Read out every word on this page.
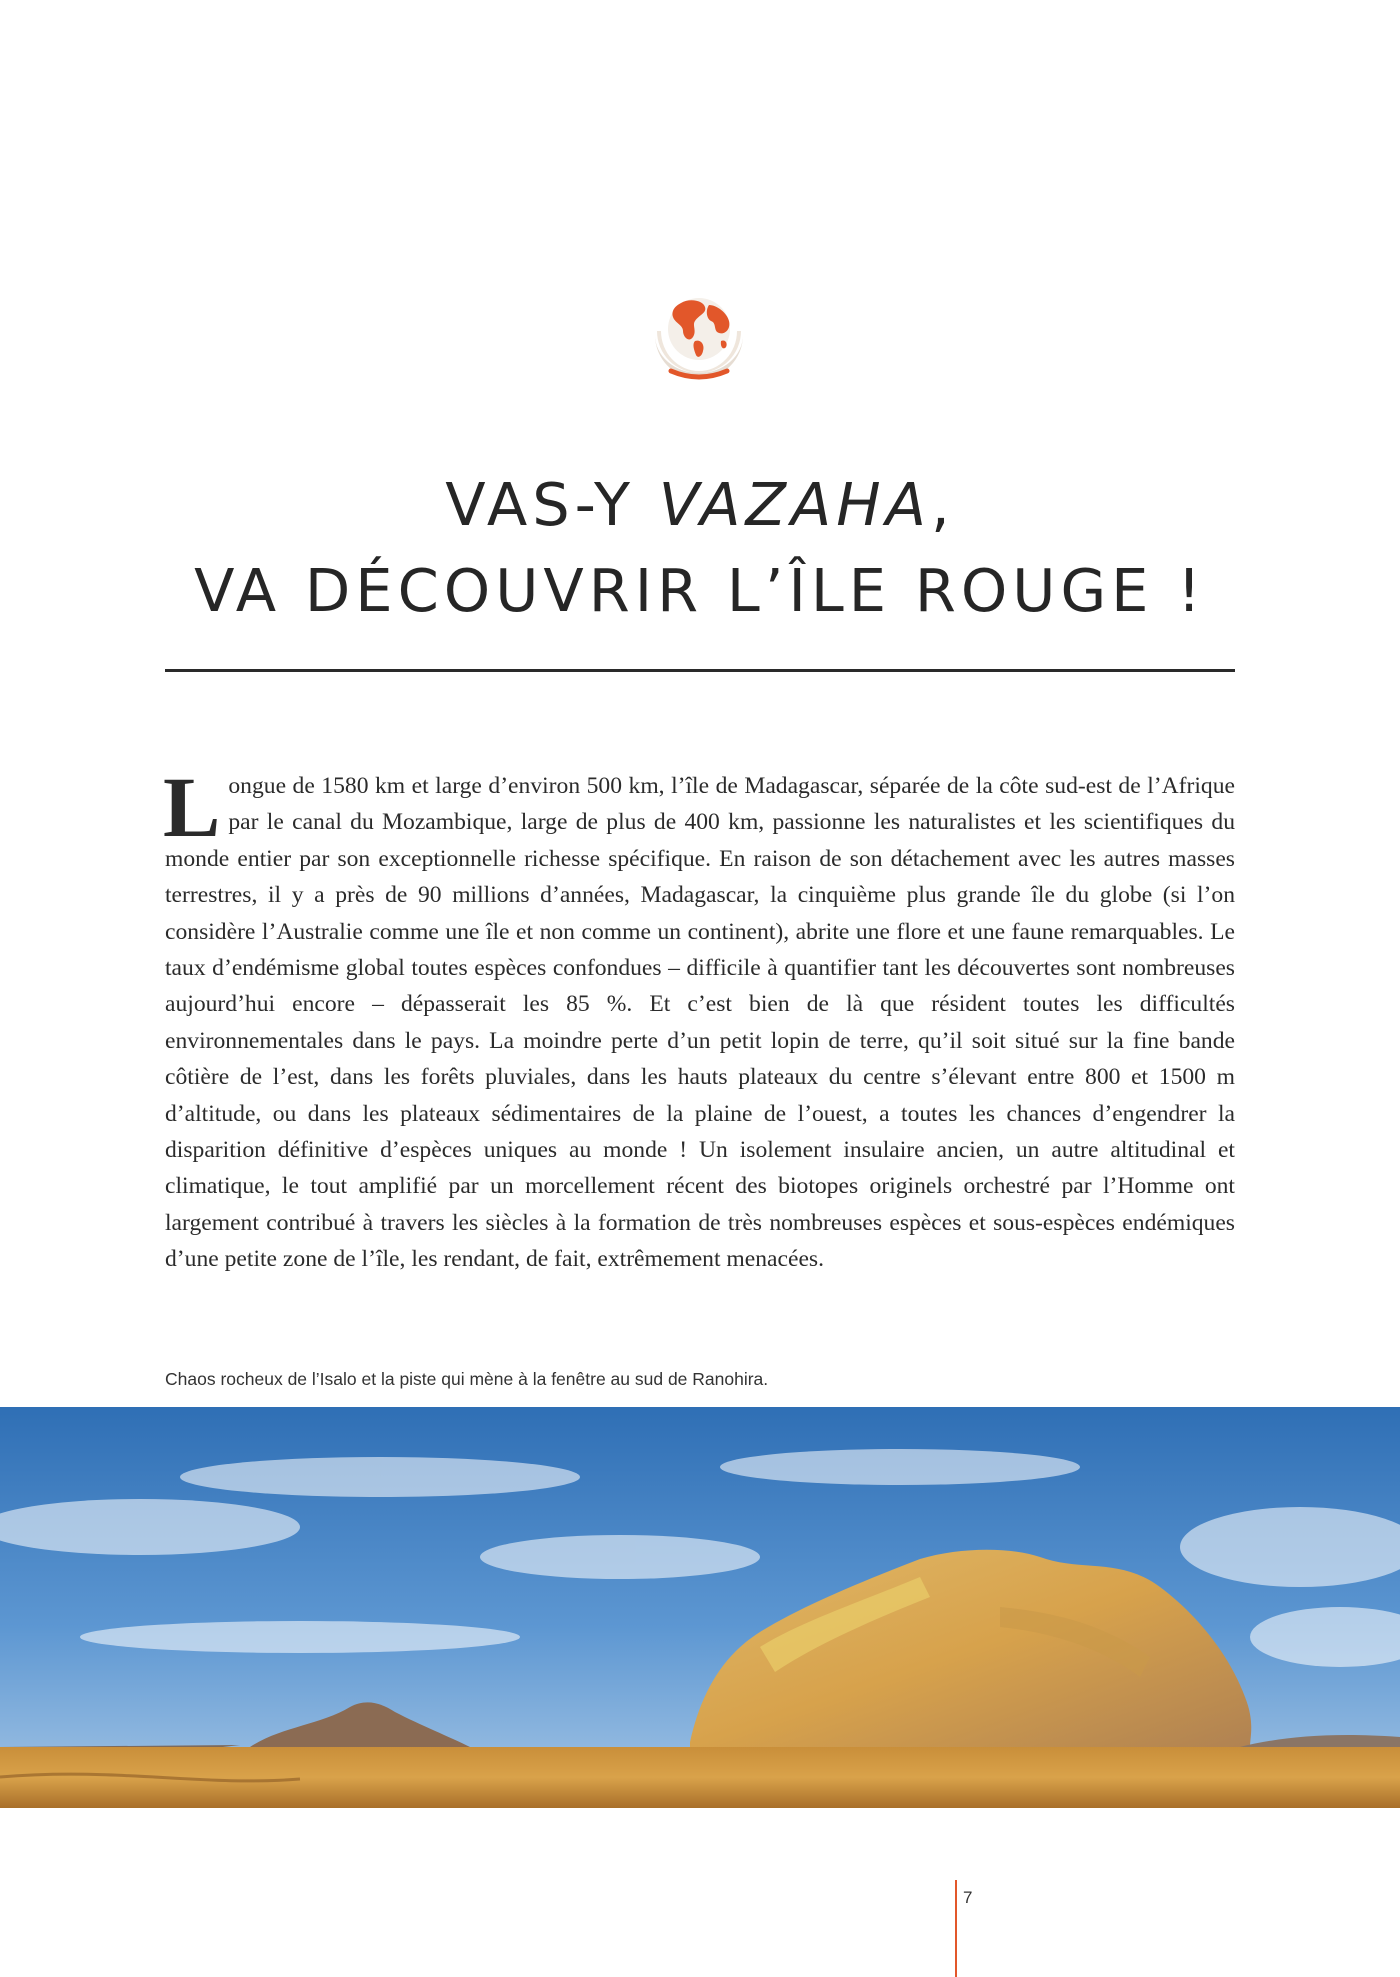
VAS-Y VAZAHA,
VA DÉCOUVRIR L’ÎLE ROUGE !

Longue de 1580 km et large d’environ 500 km, l’île de Madagascar, séparée de la côte sud-est de l’Afrique par le canal du Mozambique, large de plus de 400 km, passionne les naturalistes et les scientifiques du monde entier par son exceptionnelle richesse spécifique. En raison de son détachement avec les autres masses terrestres, il y a près de 90 millions d’années, Madagascar, la cinquième plus grande île du globe (si l’on considère l’Australie comme une île et non comme un continent), abrite une flore et une faune remarquables. Le taux d’endémisme global toutes espèces confondues – difficile à quantifier tant les découvertes sont nombreuses aujourd’hui encore – dépasserait les 85 %. Et c’est bien de là que résident toutes les difficultés environnementales dans le pays. La moindre perte d’un petit lopin de terre, qu’il soit situé sur la fine bande côtière de l’est, dans les forêts pluviales, dans les hauts plateaux du centre s’élevant entre 800 et 1500 m d’altitude, ou dans les plateaux sédimentaires de la plaine de l’ouest, a toutes les chances d’engendrer la disparition définitive d’espèces uniques au monde ! Un isolement insulaire ancien, un autre altitudinal et climatique, le tout amplifié par un morcellement récent des biotopes originels orchestré par l’Homme ont largement contribué à travers les siècles à la formation de très nombreuses espèces et sous-espèces endémiques d’une petite zone de l’île, les rendant, de fait, extrêmement menacées.

Chaos rocheux de l’Isalo et la piste qui mène à la fenêtre au sud de Ranohira.

7
